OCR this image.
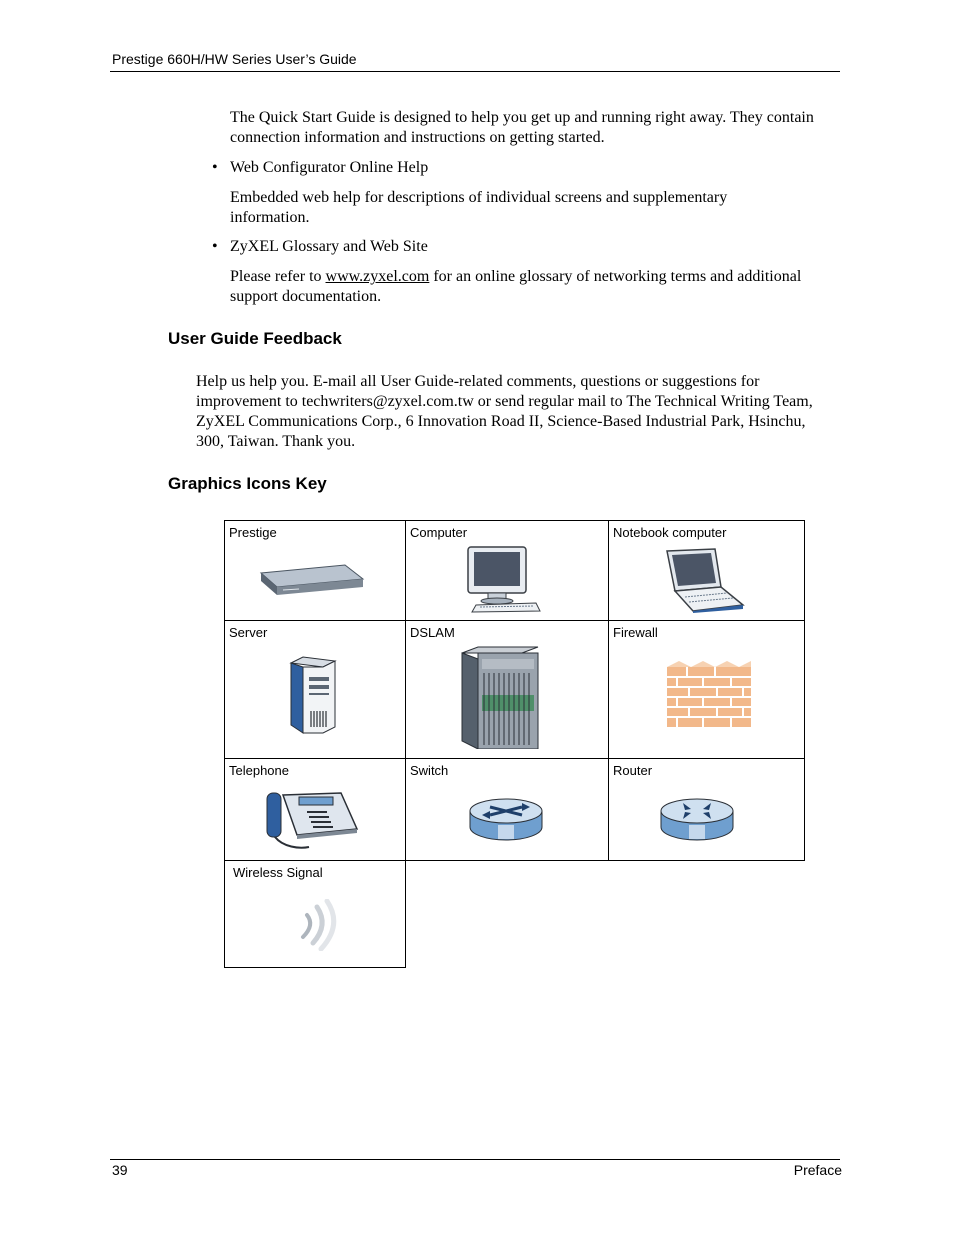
Prestige 660H/HW Series User’s Guide

The Quick Start Guide is designed to help you get up and running right away. They contain connection information and instructions on getting started.

• Web Configurator Online Help

Embedded web help for descriptions of individual screens and supplementary information.

• ZyXEL Glossary and Web Site

Please refer to www.zyxel.com for an online glossary of networking terms and additional support documentation.

User Guide Feedback

Help us help you. E-mail all User Guide-related comments, questions or suggestions for improvement to techwriters@zyxel.com.tw or send regular mail to The Technical Writing Team, ZyXEL Communications Corp., 6 Innovation Road II, Science-Based Industrial Park, Hsinchu, 300, Taiwan. Thank you.

Graphics Icons Key
Prestige	Computer	Notebook computer

Server	DSLAM	Firewall

Telephone	Switch	Router

Wireless Signal		

39	Preface
